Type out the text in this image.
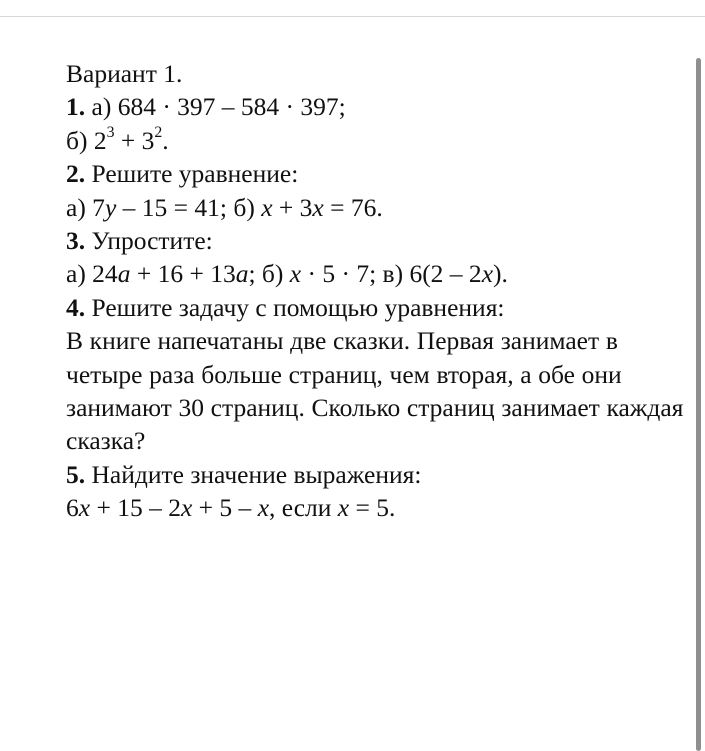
Вариант 1.
1. а) 684 · 397 – 584 · 397;
б) $2^3 + 3^2$.
2. Решите уравнение:
а) 7y – 15 = 41; б) x + 3x = 76.
3. Упростите:
а) 24a + 16 + 13a; б) x · 5 · 7; в) 6(2 – 2x).
4. Решите задачу с помощью уравнения:
В книге напечатаны две сказки. Первая занимает в четыре раза больше страниц, чем вторая, а обе они занимают 30 страниц. Сколько страниц занимает каждая сказка?
5. Найдите значение выражения:
6x + 15 – 2x + 5 – x, если x = 5.
